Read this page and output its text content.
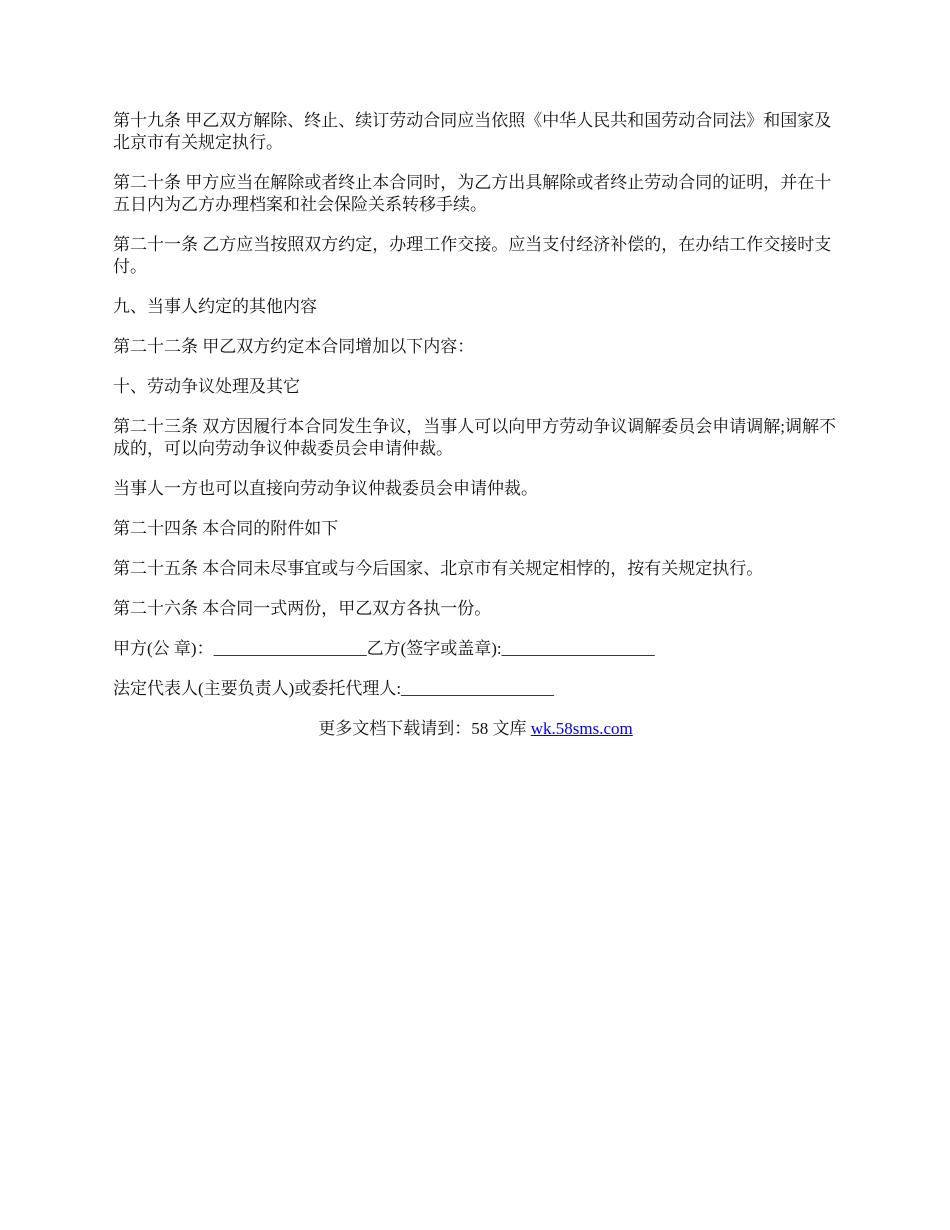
第十九条 甲乙双方解除、终止、续订劳动合同应当依照《中华人民共和国劳动合同法》和国家及北京市有关规定执行。

第二十条 甲方应当在解除或者终止本合同时，为乙方出具解除或者终止劳动合同的证明，并在十五日内为乙方办理档案和社会保险关系转移手续。

第二十一条 乙方应当按照双方约定，办理工作交接。应当支付经济补偿的，在办结工作交接时支付。

九、当事人约定的其他内容

第二十二条 甲乙双方约定本合同增加以下内容：

十、劳动争议处理及其它

第二十三条 双方因履行本合同发生争议，当事人可以向甲方劳动争议调解委员会申请调解;调解不成的，可以向劳动争议仲裁委员会申请仲裁。

当事人一方也可以直接向劳动争议仲裁委员会申请仲裁。

第二十四条 本合同的附件如下

第二十五条 本合同未尽事宜或与今后国家、北京市有关规定相悖的，按有关规定执行。

第二十六条 本合同一式两份，甲乙双方各执一份。

甲方(公 章)：__________________乙方(签字或盖章):__________________

法定代表人(主要负责人)或委托代理人:__________________

更多文档下载请到：58 文库 wk.58sms.com
